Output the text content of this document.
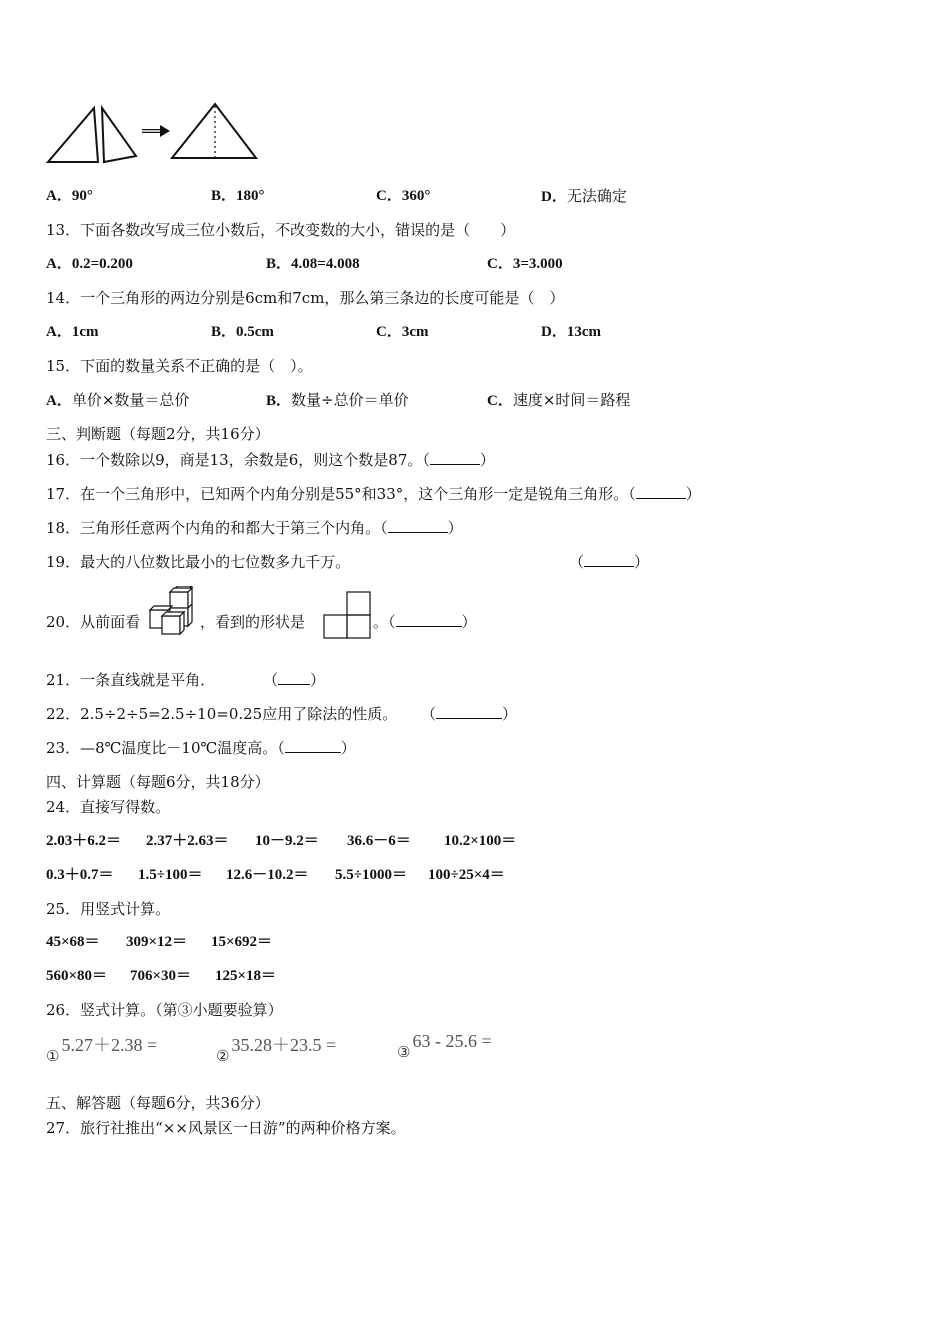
A．90°	B．180°	C．360°	D．无法确定
13．下面各数改写成三位小数后，不改变数的大小，错误的是（　　）
A．0.2=0.200	B．4.08=4.008	C．3=3.000
14．一个三角形的两边分别是6cm和7cm，那么第三条边的长度可能是（　）
A．1cm	B．0.5cm	C．3cm	D．13cm
15．下面的数量关系不正确的是（　）。
A．单价×数量＝总价	B．数量÷总价＝单价	C．速度×时间＝路程
三、判断题（每题2分，共16分）
16．一个数除以9，商是13，余数是6，则这个数是87。（	）
17．在一个三角形中，已知两个内角分别是55°和33°，这个三角形一定是锐角三角形。（	）
18．三角形任意两个内角的和都大于第三个内角。（	）
19．最大的八位数比最小的七位数多九千万。	（	）
20．从前面看	，看到的形状是	。（	）
21．一条直线就是平角．	（ ）
22．2.5÷2÷5=2.5÷10=0.25应用了除法的性质。 （	）
23．—8℃温度比－10℃温度高。（	）
四、计算题（每题6分，共18分）
24．直接写得数。
2.03＋6.2＝ 2.37＋2.63＝ 10－9.2＝ 36.6－6＝ 10.2×100＝
0.3＋0.7＝ 1.5÷100＝ 12.6－10.2＝ 5.5÷1000＝ 100÷25×4＝
25．用竖式计算。
45×68＝ 309×12＝ 15×692＝
560×80＝ 706×30＝ 125×18＝
26．竖式计算。（第③小题要验算）
$_①$5.27＋2.38 =
$_②$35.28＋23.5 =	$_③$63 - 25.6 =
五、解答题（每题6分，共36分）
27．旅行社推出“××风景区一日游”的两种价格方案。
